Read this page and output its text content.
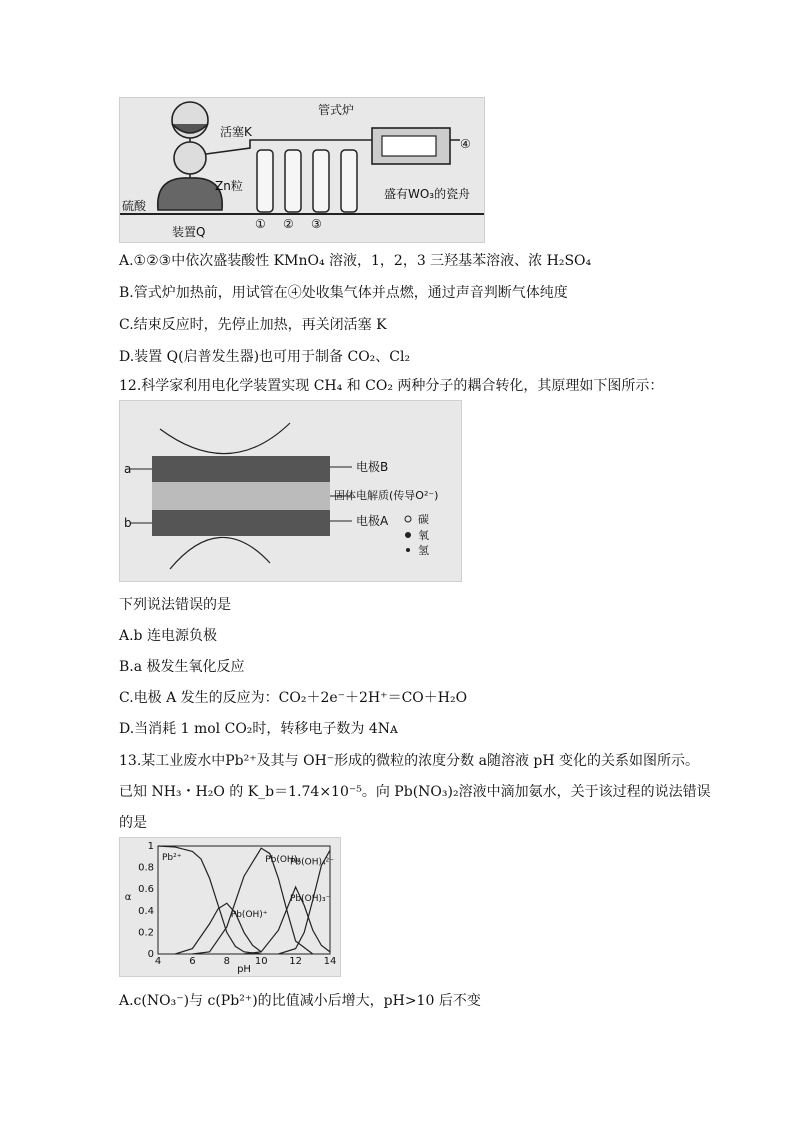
管式炉
活塞K
Zn粒
硫酸
装置Q
盛有WO₃的瓷舟
① ② ③
④
A.①②③中依次盛装酸性 KMnO₄ 溶液，1，2，3 三羟基苯溶液、浓 H₂SO₄
B.管式炉加热前，用试管在④处收集气体并点燃，通过声音判断气体纯度
C.结束反应时，先停止加热，再关闭活塞 K
D.装置 Q(启普发生器)也可用于制备 CO₂、Cl₂
12.科学家利用电化学装置实现 CH₄ 和 CO₂ 两种分子的耦合转化，其原理如下图所示：
a
b
电极B
固体电解质(传导O²⁻)
电极A	碳
氧
氢
下列说法错误的是
A.b 连电源负极
B.a 极发生氧化反应
C.电极 A 发生的反应为：CO₂＋2e⁻＋2H⁺＝CO＋H₂O
D.当消耗 1 mol CO₂时，转移电子数为 4Nᴀ
13.某工业废水中Pb²⁺及其与 OH⁻形成的微粒的浓度分数 a随溶液 pH 变化的关系如图所示。
已知 NH₃・H₂O 的 K_b＝1.74×10⁻⁵。向 Pb(NO₃)₂溶液中滴加氨水，关于该过程的说法错误
的是
4	6	8 10 12 14
0
0.2
0.4
0.6
0.8
1
pH
α
Pb²⁺
Pb(OH)⁺
Pb(OH)₂
Pb(OH)₃⁻
Pb(OH)₄²⁻
A.c(NO₃⁻)与 c(Pb²⁺)的比值减小后增大，pH>10 后不变
